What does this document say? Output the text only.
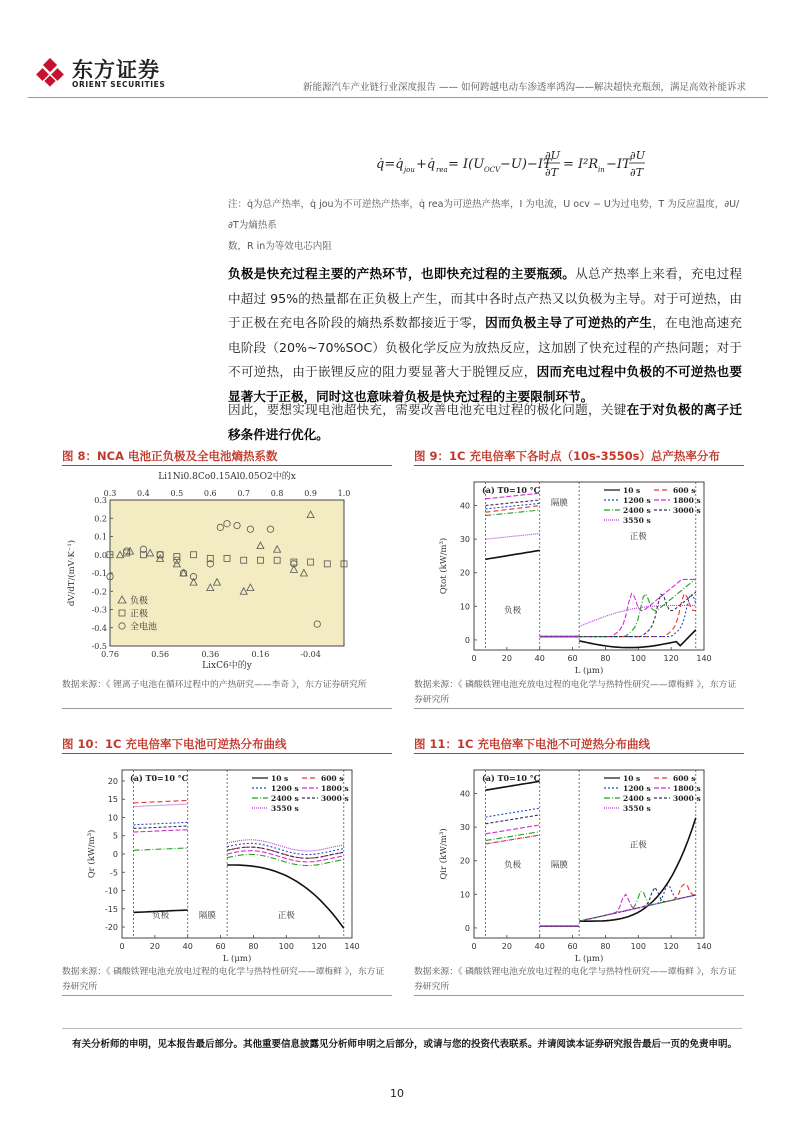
东方证券
ORIENT SECURITIES	新能源汽车产业链行业深度报告 —— 如何跨越电动车渗透率鸿沟——解决超快充瓶颈，满足高效补能诉求
q̇=q̇ jou +q̇ rea = I(U OCV −U)−IT
∂U
∂T
= I²R in −IT
∂U
∂T
注：q̇为总产热率，q̇ jou为不可逆热产热率，q̇ rea为可逆热产热率，I 为电流，U ocv − U为过电势，T 为反应温度，∂U/∂T为熵热系
数，R in为等效电芯内阻
负极是快充过程主要的产热环节，也即快充过程的主要瓶颈。从总产热率上来看，充电过程中超过 95%的热量都在正负极上产生，而其中各时点产热又以负极为主导。对于可逆热，由于正极在充电各阶段的熵热系数都接近于零，因而负极主导了可逆热的产生，在电池高速充电阶段（20%~70%SOC）负极化学反应为放热反应，这加剧了快充过程的产热问题；对于不可逆热，由于嵌锂反应的阻力要显著大于脱锂反应，因而充电过程中负极的不可逆热也要显著大于正极，同时这也意味着负极是快充过程的主要限制环节。
因此，要想实现电池超快充，需要改善电池充电过程的极化问题，关键在于对负极的离子迁移条件进行优化。
图 8：NCA 电池正负极及全电池熵热系数
Li1Ni0.8Co0.15Al0.05O2中的x
0.3	0.4	0.5	0.6	0.7	0.8	0.9	1.0
0.76	0.56	0.36	0.16	-0.04
LixC6中的y
0.3
0.2
0.1
0.0
-0.1
-0.2
-0.3
-0.4
-0.5
dV/dT/(mV·K⁻¹)	负极
正极
全电池
数据来源：《 锂离子电池在循环过程中的产热研究——李奇 》，东方证券研究所
图 9：1C 充电倍率下各时点（10s-3550s）总产热率分布
0	20	40	60	80	100 120 140
L (μm)
0
10
20
30
40
Qtot (kW/m³)
负极
隔膜
正极
(a) T0=10 °C	10 s	600 s
1200 s	1800 s
2400 s	3000 s
3550 s
数据来源：《 磷酸铁锂电池充放电过程的电化学与热特性研究——谭梅鲜 》，东方证券研究所
图 10：1C 充电倍率下电池可逆热分布曲线
0	20	40	60	80	100 120 140
L (μm)
20
15
10
5
0
-5
-10
-15
-20
Qr (kW/m³)
负极	隔膜	正极
(a) T0=10 °C	10 s	600 s
1200 s	1800 s
2400 s	3000 s
3550 s
数据来源：《 磷酸铁锂电池充放电过程的电化学与热特性研究——谭梅鲜 》，东方证券研究所
图 11：1C 充电倍率下电池不可逆热分布曲线
0	20	40	60	80	100 120 140
L (μm)
0
10
20
30
40
Qir (kW/m³)	负极	隔膜
正极
(a) T0=10 °C	10 s	600 s
1200 s	1800 s
2400 s	3000 s
3550 s
数据来源：《 磷酸铁锂电池充放电过程的电化学与热特性研究——谭梅鲜 》，东方证券研究所
有关分析师的申明，见本报告最后部分。其他重要信息披露见分析师申明之后部分，或请与您的投资代表联系。并请阅读本证券研究报告最后一页的免责申明。
10
